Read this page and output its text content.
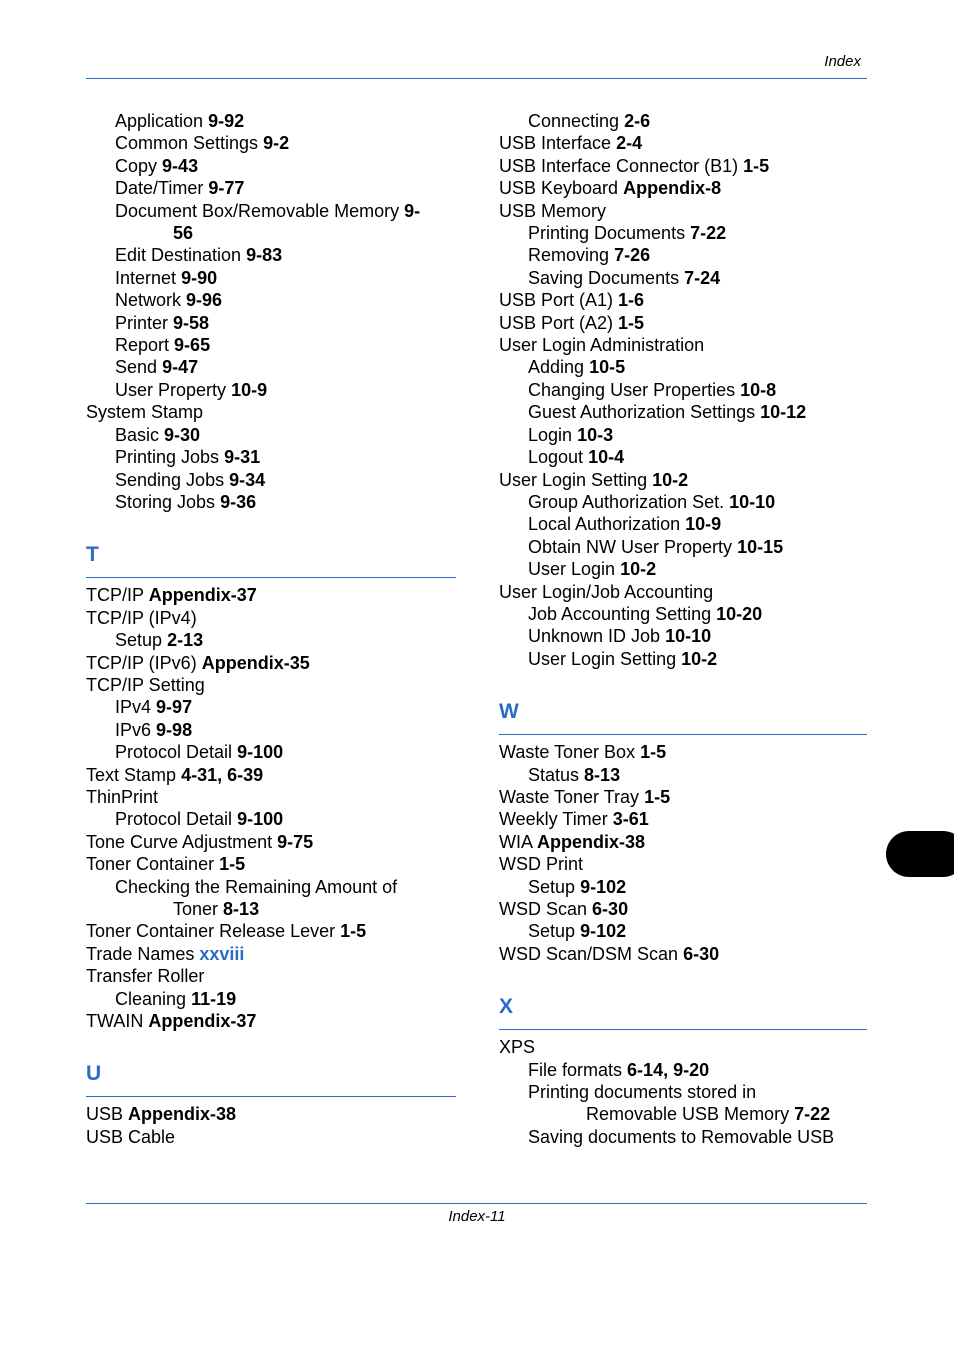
Index
Application 9-92
Common Settings 9-2
Copy 9-43
Date/Timer 9-77
Document Box/Removable Memory 9-
56
Edit Destination 9-83
Internet 9-90
Network 9-96
Printer 9-58
Report 9-65
Send 9-47
User Property 10-9
System Stamp
Basic 9-30
Printing Jobs 9-31
Sending Jobs 9-34
Storing Jobs 9-36
T
TCP/IP Appendix-37
TCP/IP (IPv4)
Setup 2-13
TCP/IP (IPv6) Appendix-35
TCP/IP Setting
IPv4 9-97
IPv6 9-98
Protocol Detail 9-100
Text Stamp 4-31, 6-39
ThinPrint
Protocol Detail 9-100
Tone Curve Adjustment 9-75
Toner Container 1-5
Checking the Remaining Amount of
Toner 8-13
Toner Container Release Lever 1-5
Trade Names xxviii
Transfer Roller
Cleaning 11-19
TWAIN Appendix-37
U
USB Appendix-38
USB Cable
Connecting 2-6
USB Interface 2-4
USB Interface Connector (B1) 1-5
USB Keyboard Appendix-8
USB Memory
Printing Documents 7-22
Removing 7-26
Saving Documents 7-24
USB Port (A1) 1-6
USB Port (A2) 1-5
User Login Administration
Adding 10-5
Changing User Properties 10-8
Guest Authorization Settings 10-12
Login 10-3
Logout 10-4
User Login Setting 10-2
Group Authorization Set. 10-10
Local Authorization 10-9
Obtain NW User Property 10-15
User Login 10-2
User Login/Job Accounting
Job Accounting Setting 10-20
Unknown ID Job 10-10
User Login Setting 10-2
W
Waste Toner Box 1-5
Status 8-13
Waste Toner Tray 1-5
Weekly Timer 3-61
WIA Appendix-38
WSD Print
Setup 9-102
WSD Scan 6-30
Setup 9-102
WSD Scan/DSM Scan 6-30
X
XPS
File formats 6-14, 9-20
Printing documents stored in
Removable USB Memory 7-22
Saving documents to Removable USB
Index-11
